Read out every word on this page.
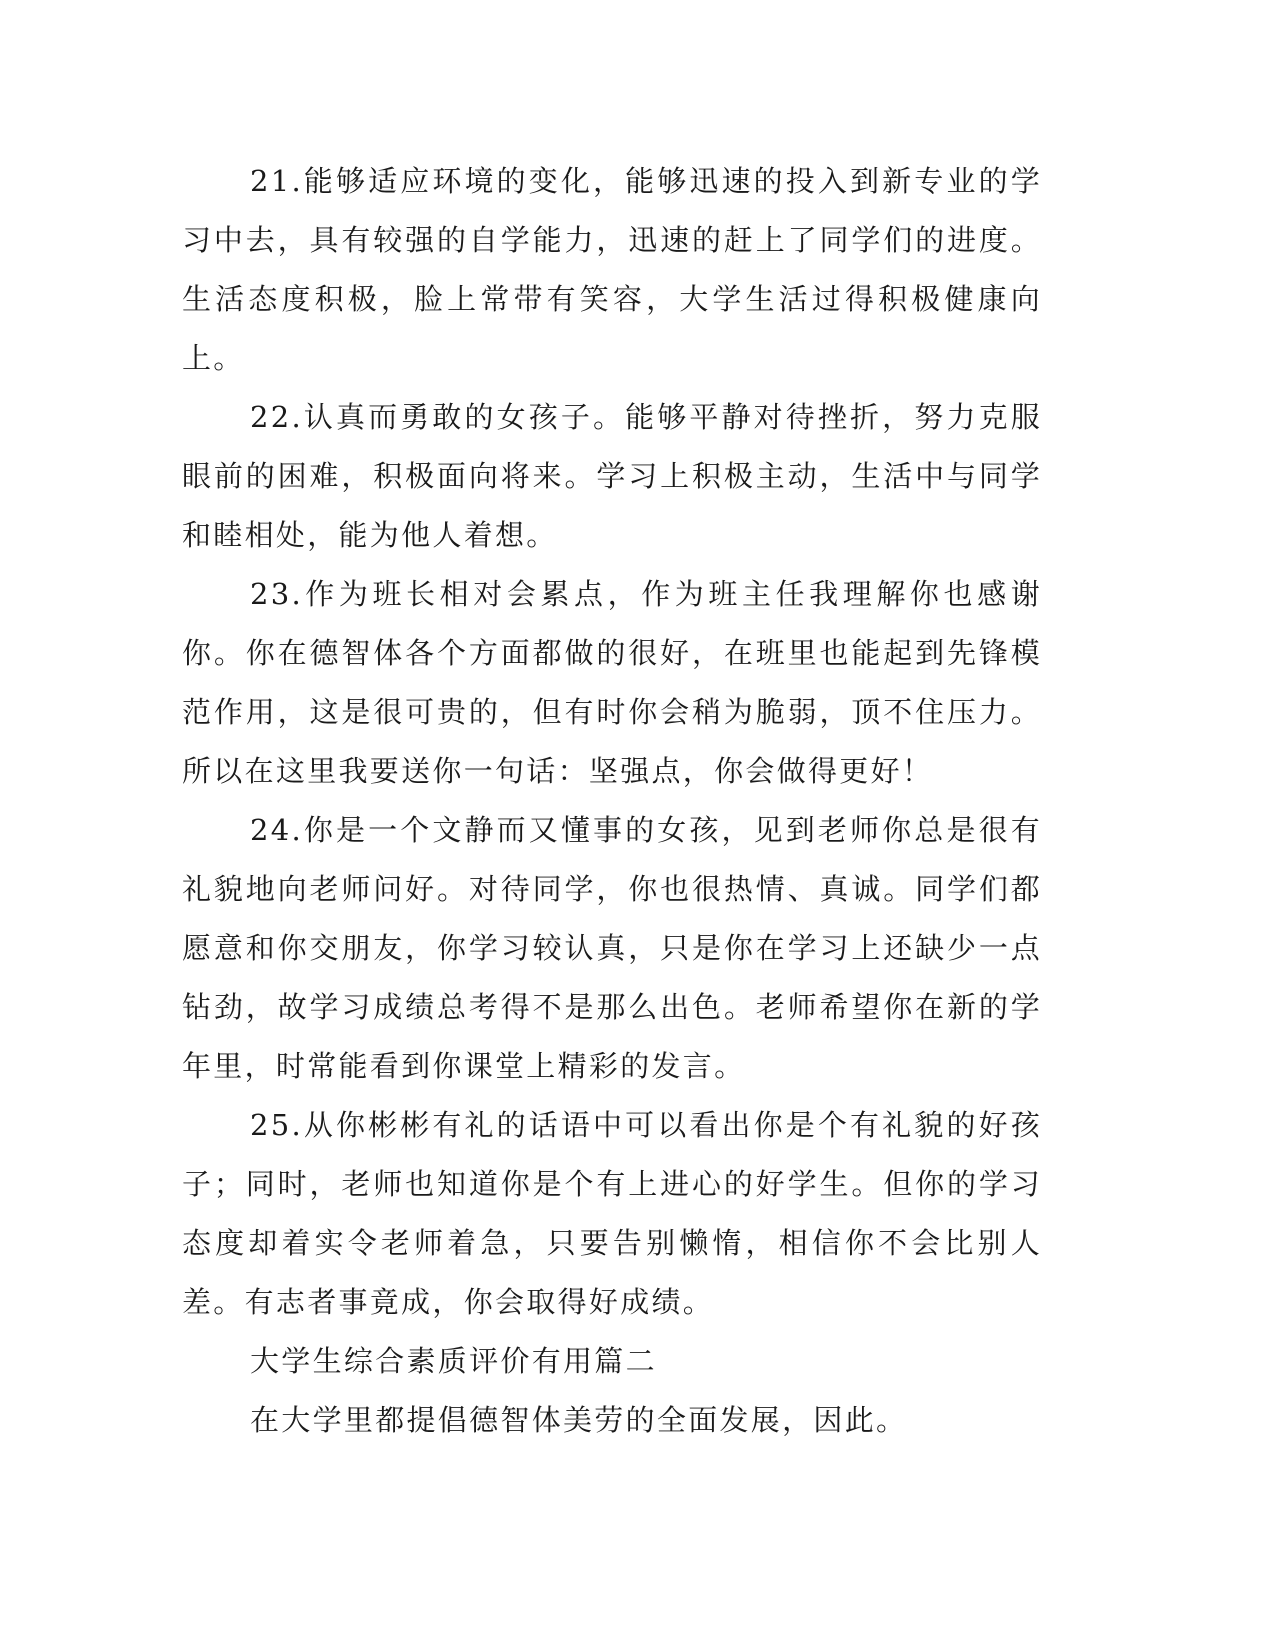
21.能够适应环境的变化，能够迅速的投入到新专业的学习中去，具有较强的自学能力，迅速的赶上了同学们的进度。生活态度积极，脸上常带有笑容，大学生活过得积极健康向上。

22.认真而勇敢的女孩子。能够平静对待挫折，努力克服眼前的困难，积极面向将来。学习上积极主动，生活中与同学和睦相处，能为他人着想。

23.作为班长相对会累点，作为班主任我理解你也感谢你。你在德智体各个方面都做的很好，在班里也能起到先锋模范作用，这是很可贵的，但有时你会稍为脆弱，顶不住压力。所以在这里我要送你一句话：坚强点，你会做得更好！

24.你是一个文静而又懂事的女孩，见到老师你总是很有礼貌地向老师问好。对待同学，你也很热情、真诚。同学们都愿意和你交朋友，你学习较认真，只是你在学习上还缺少一点钻劲，故学习成绩总考得不是那么出色。老师希望你在新的学年里，时常能看到你课堂上精彩的发言。

25.从你彬彬有礼的话语中可以看出你是个有礼貌的好孩子；同时，老师也知道你是个有上进心的好学生。但你的学习态度却着实令老师着急，只要告别懒惰，相信你不会比别人差。有志者事竟成，你会取得好成绩。

大学生综合素质评价有用篇二

在大学里都提倡德智体美劳的全面发展，因此。
